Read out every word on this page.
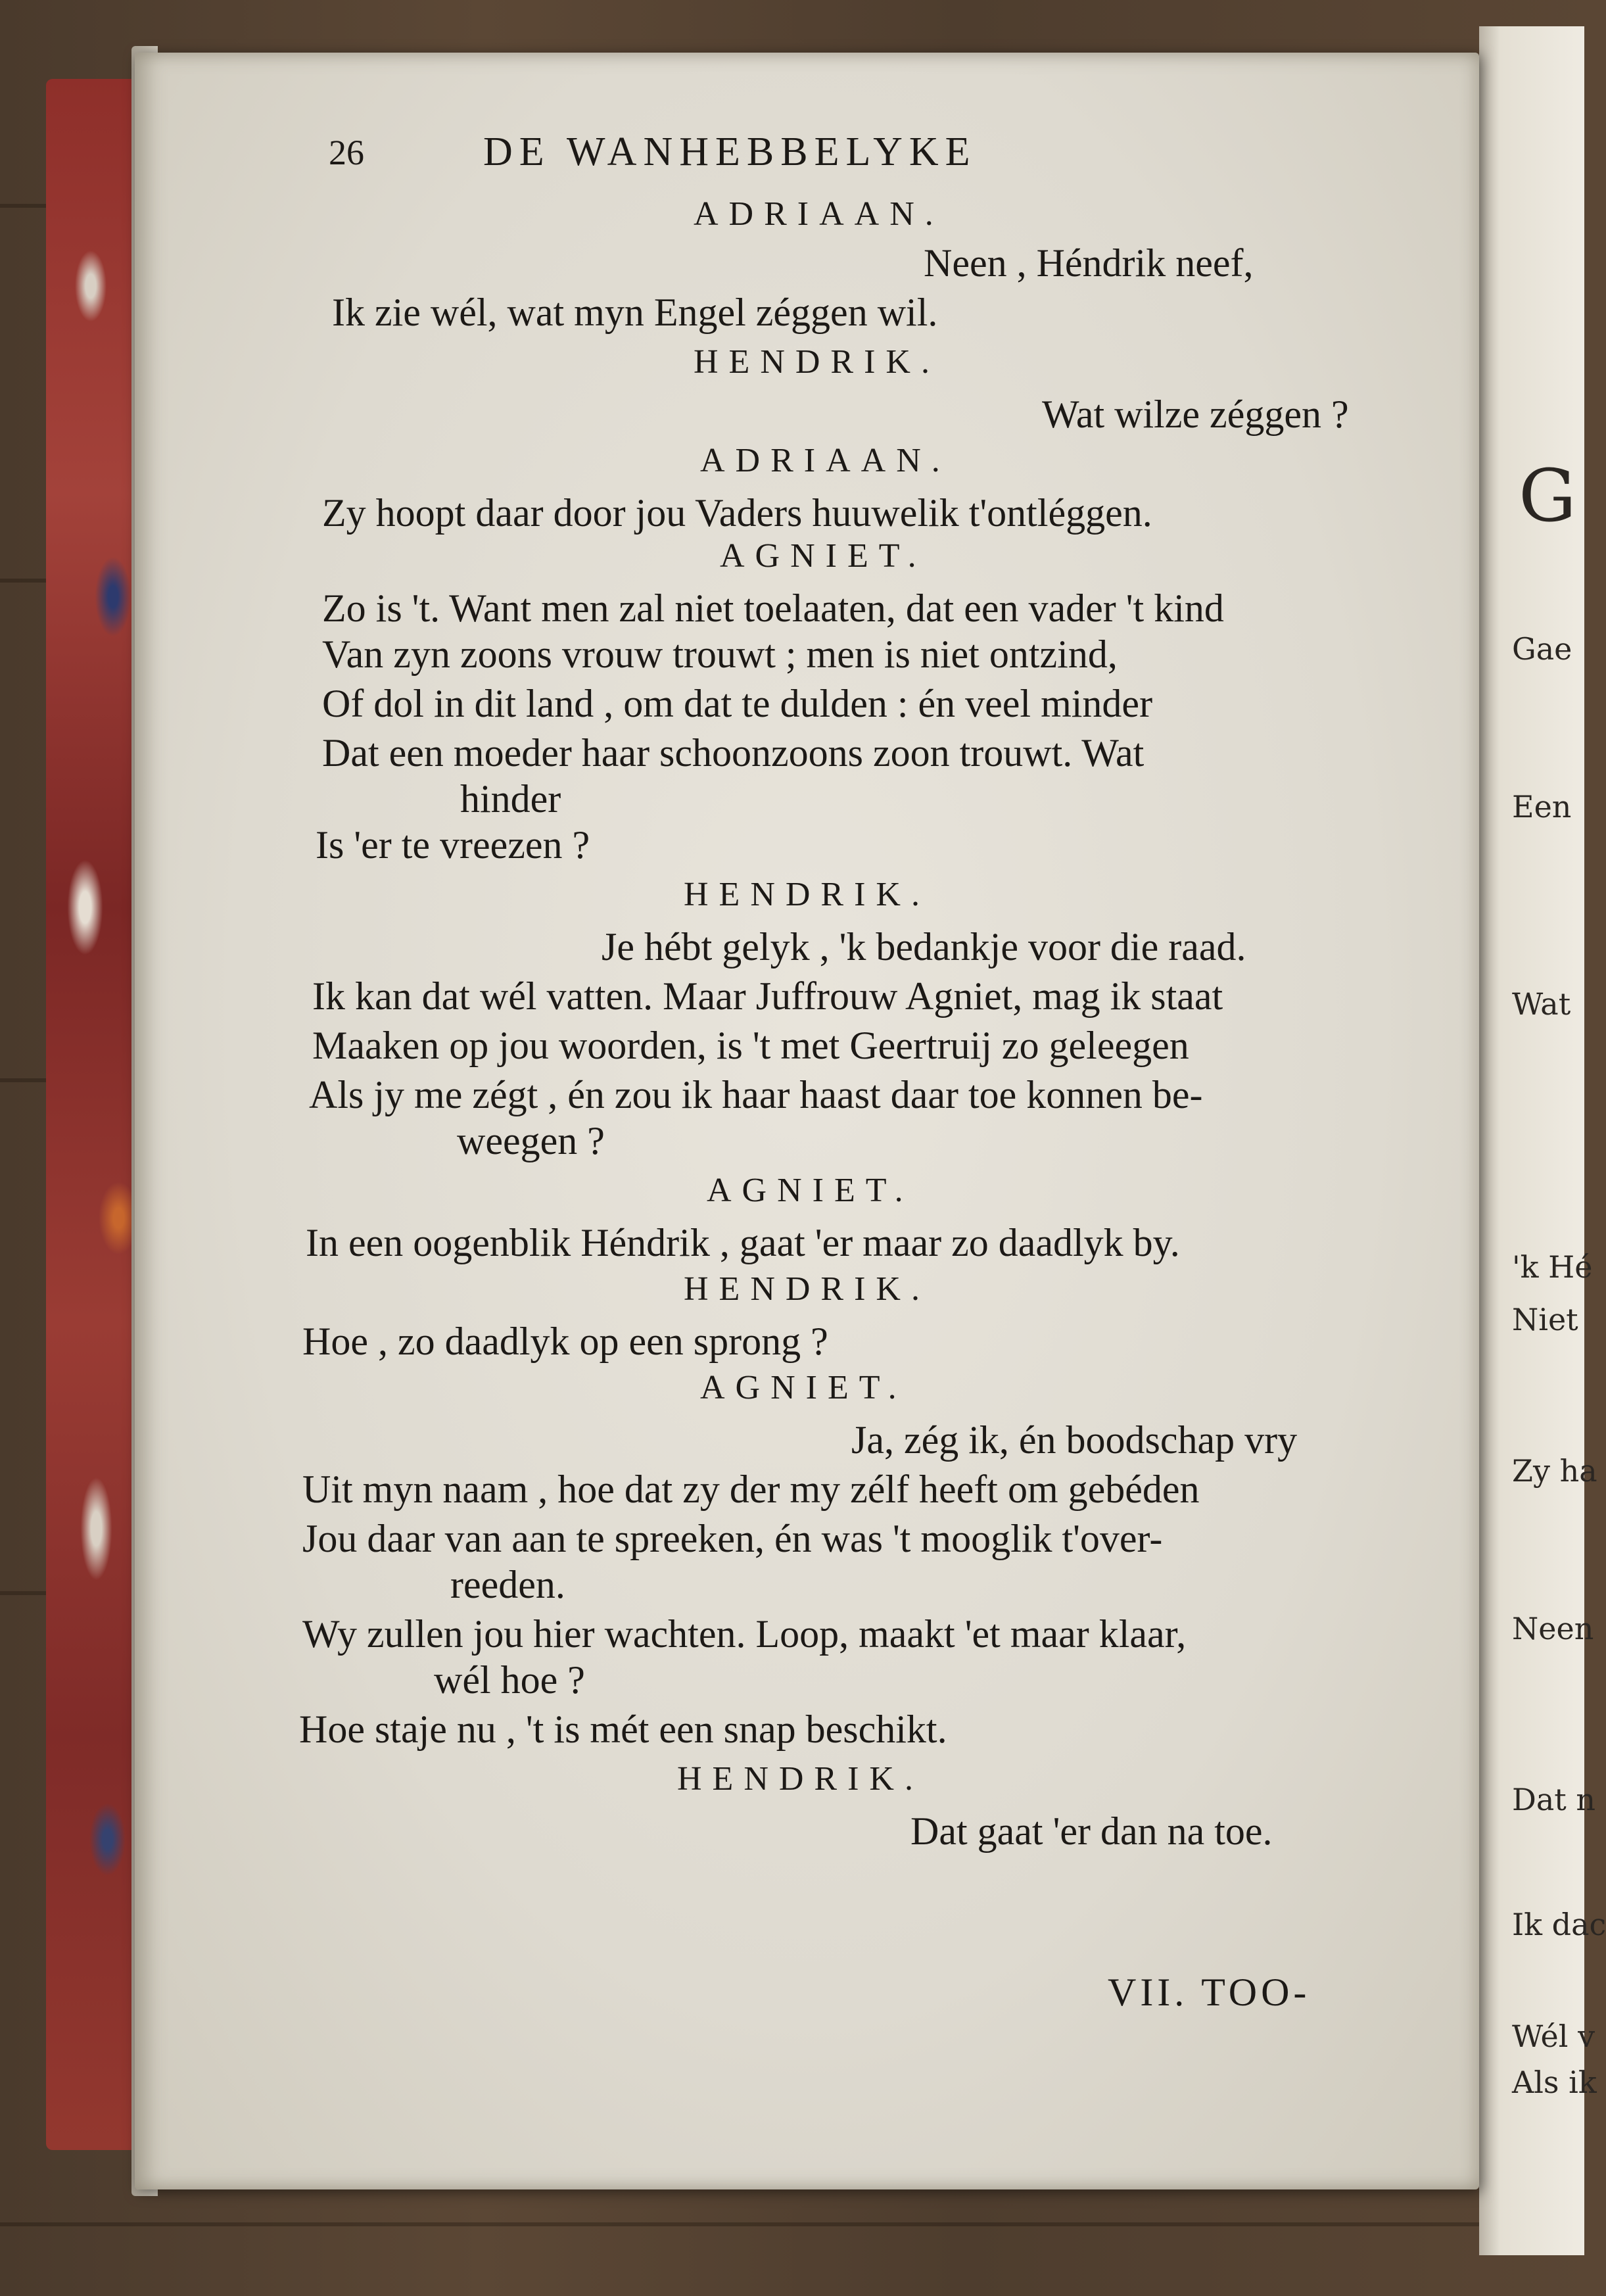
G
Gae
Een
Wat
'k Hé
Niet
Zy ha
Neen
Dat n
Ik dac
Wél v
Als ik
26	DE WANHEBBELYKE
ADRIAAN.
Neen , Héndrik neef,
Ik zie wél, wat myn Engel zéggen wil.
HENDRIK.
Wat wilze zéggen ?
ADRIAAN.
Zy hoopt daar door jou Vaders huuwelik t'ontléggen.
AGNIET.
Zo is 't. Want men zal niet toelaaten, dat een vader 't kind
Van zyn zoons vrouw trouwt ; men is niet ontzind,
Of dol in dit land , om dat te dulden : én veel minder
Dat een moeder haar schoonzoons zoon trouwt. Wat
hinder
Is 'er te vreezen ?
HENDRIK.
Je hébt gelyk , 'k bedankje voor die raad.
Ik kan dat wél vatten. Maar Juffrouw Agniet, mag ik staat
Maaken op jou woorden, is 't met Geertruij zo geleegen
Als jy me zégt , én zou ik haar haast daar toe konnen be-
weegen ?
AGNIET.
In een oogenblik Héndrik , gaat 'er maar zo daadlyk by.
HENDRIK.
Hoe , zo daadlyk op een sprong ?
AGNIET.
Ja, zég ik, én boodschap vry
Uit myn naam , hoe dat zy der my zélf heeft om gebéden
Jou daar van aan te spreeken, én was 't mooglik t'over-
reeden.
Wy zullen jou hier wachten. Loop, maakt 'et maar klaar,
wél hoe ?
Hoe staje nu , 't is mét een snap beschikt.
HENDRIK.
Dat gaat 'er dan na toe.
VII. TOO-
